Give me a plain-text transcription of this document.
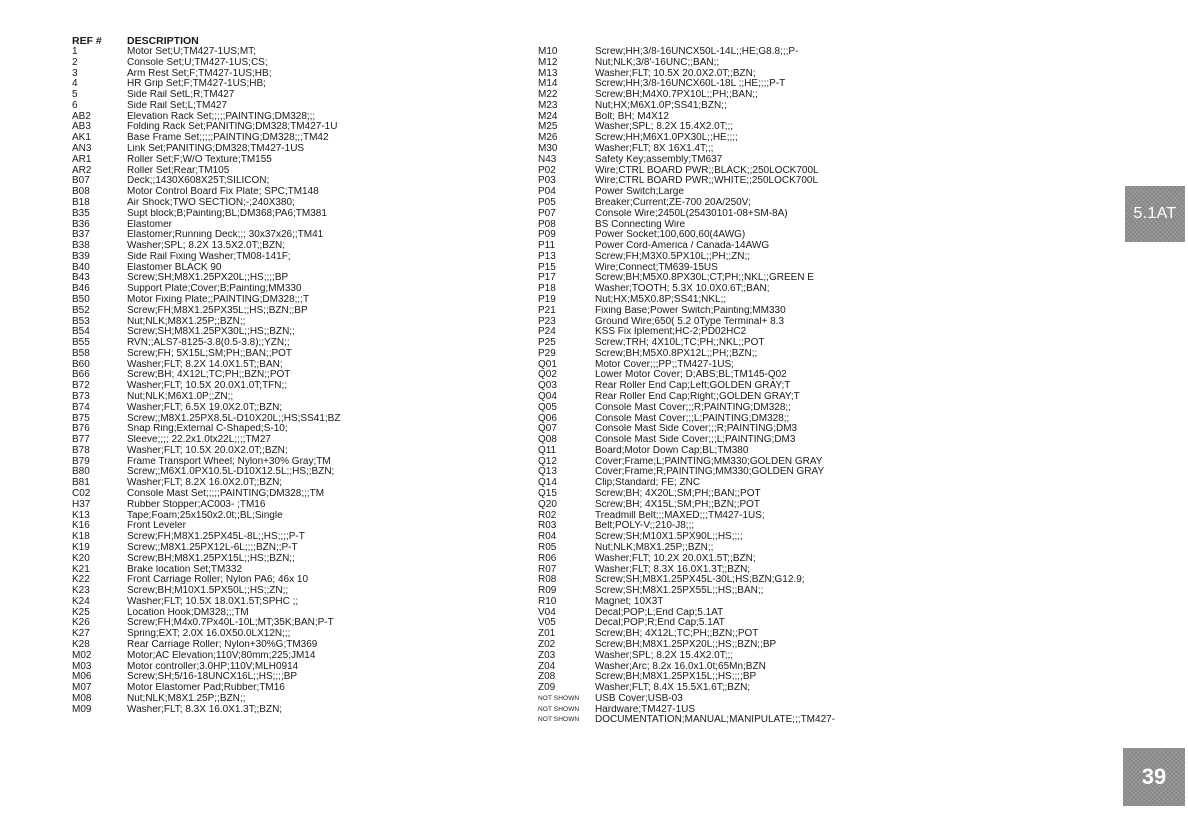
REF #	DESCRIPTION
1	Motor Set;U;TM427-1US;MT;
2	Console Set;U;TM427-1US;CS;
3	Arm Rest Set;F;TM427-1US;HB;
4	HR Grip Set;F;TM427-1US;HB;
5	Side Rail SetL;R;TM427
6	Side Rail Set;L;TM427
AB2	Elevation Rack Set;;;;;PAINTING;DM328;;;
AB3	Folding Rack Set;PANITING;DM328;TM427-1U
AK1	Base Frame Set;;;;;PAINTING;DM328;;;TM42
AN3	Link Set;PANITING;DM328;TM427-1US
AR1	Roller Set;F;W/O Texture;TM155
AR2	Roller Set;Rear;TM105
B07	Deck;;1430X608X25T;SILICON;
B08	Motor Control Board Fix Plate; SPC;TM148
B18	Air Shock;TWO SECTION;-;240X380;
B35	Supt block;B;Painting;BL;DM368;PA6;TM381
B36	Elastomer
B37	Elastomer;Running Deck;;; 30x37x26;;TM41
B38	Washer;SPL; 8.2X 13.5X2.0T;;BZN;
B39	Side Rail Fixing Washer;TM08-141F;
B40	Elastomer BLACK 90
B43	Screw;SH;M8X1.25PX20L;;HS;;;;BP
B46	Support Plate;Cover;B;Painting;MM330
B50	Motor Fixing Plate;;PAINTING;DM328;;;T
B52	Screw;FH;M8X1.25PX35L;;HS;;BZN;;BP
B53	Nut;NLK;M8X1.25P;;BZN;;
B54	Screw;SH;M8X1.25PX30L;;HS;;BZN;;
B55	RVN;;ALS7-8125-3.8(0.5-3.8);;YZN;;
B58	Screw;FH; 5X15L;SM;PH;;BAN;;POT
B60	Washer;FLT; 8.2X 14.0X1.5T;;BAN;
B66	Screw;BH; 4X12L;TC;PH;;BZN;;POT
B72	Washer;FLT; 10.5X 20.0X1.0T;TFN;;
B73	Nut;NLK;M6X1.0P;;ZN;;
B74	Washer;FLT; 6.5X 19.0X2.0T;;BZN;
B75	Screw;;M8X1.25PX8.5L-D10X20L;;HS;SS41;BZ
B76	Snap Ring;External C-Shaped;S-10;
B77	Sleeve;;;; 22.2x1.0tx22L;;;;TM27
B78	Washer;FLT; 10.5X 20.0X2.0T;;BZN;
B79	Frame Transport Wheel; Nylon+30% Gray;TM
B80	Screw;;M6X1.0PX10.5L-D10X12.5L;;HS;;BZN;
B81	Washer;FLT; 8.2X 16.0X2.0T;;BZN;
C02	Console Mast Set;;;;;PAINTING;DM328;;;TM
H37	Rubber Stopper;AC003- ;TM16
K13	Tape;Foam;25x150x2.0t;;BL;Single
K16	Front Leveler
K18	Screw;FH;M8X1.25PX45L-8L;;HS;;;;P-T
K19	Screw;;M8X1.25PX12L-6L;;;;BZN;;P-T
K20	Screw;BH;M8X1.25PX15L;;HS;;BZN;;
K21	Brake location Set;TM332
K22	Front Carriage Roller; Nylon PA6; 46x 10
K23	Screw;BH;M10X1.5PX50L;;HS;;ZN;;
K24	Washer;FLT; 10.5X 18.0X1.5T;SPHC ;;
K25	Location Hook;DM328;;;TM
K26	Screw;FH;M4x0.7Px40L-10L;MT;35K;BAN;P-T
K27	Spring;EXT; 2.0X 16.0X50.0LX12N;;;
K28	Rear Carriage Roller; Nylon+30%G;TM369
M02	Motor;AC Elevation;110V;80mm;225;JM14
M03	Motor controller;3.0HP;110V;MLH0914
M06	Screw;SH;5/16-18UNCX16L;;HS;;;;BP
M07	Motor Elastomer Pad;Rubber;TM16
M08	Nut;NLK;M8X1.25P;;BZN;;
M09	Washer;FLT; 8.3X 16.0X1.3T;;BZN;
M10	Screw;HH;3/8-16UNCX50L-14L;;HE;G8.8;;;P-
M12	Nut;NLK;3/8'-16UNC;;BAN;;
M13	Washer;FLT; 10.5X 20.0X2.0T;;BZN;
M14	Screw;HH;3/8-16UNCX60L-18L ;;HE;;;;P-T
M22	Screw;BH;M4X0.7PX10L;;PH;;BAN;;
M23	Nut;HX;M6X1.0P;SS41;BZN;;
M24	Bolt; BH; M4X12
M25	Washer;SPL; 8.2X 15.4X2.0T;;;
M26	Screw;HH;M6X1.0PX30L;;HE;;;;
M30	Washer;FLT; 8X 16X1.4T;;;
N43	Safety Key;assembly;TM637
P02	Wire;CTRL BOARD PWR;;BLACK;;250LOCK700L
P03	Wire;CTRL BOARD PWR;;WHITE;;250LOCK700L
P04	Power Switch;Large
P05	Breaker;Current;ZE-700 20A/250V;
P07	Console Wire;2450L(25430101-08+SM-8A)
P08	BS Connecting Wire
P09	Power Socket;100,600,60(4AWG)
P11	Power Cord-America / Canada-14AWG
P13	Screw;FH;M3X0.5PX10L;;PH;;ZN;;
P15	Wire;Connect;TM639-15US
P17	Screw;BH;M5X0.8PX30L;CT;PH;;NKL;;GREEN E
P18	Washer;TOOTH; 5.3X 10.0X0.6T;;BAN;
P19	Nut;HX;M5X0.8P;SS41;NKL;;
P21	Fixing Base;Power Switch;Painting;MM330
P23	Ground Wire;650( 5.2 0Type Terminal+ 8.3
P24	KSS Fix Iplement;HC-2;PD02HC2
P25	Screw;TRH; 4X10L;TC;PH;;NKL;;POT
P29	Screw;BH;M5X0.8PX12L;;PH;;BZN;;
Q01	Motor Cover;;;PP;;TM427-1US;
Q02	Lower Motor Cover; D;ABS;BL;TM145-Q02
Q03	Rear Roller End Cap;Left;GOLDEN GRAY;T
Q04	Rear Roller End Cap;Right;;GOLDEN GRAY;T
Q05	Console Mast Cover;;;R;PAINTING;DM328;;
Q06	Console Mast Cover;;;L;PAINTING;DM328;;
Q07	Console Mast Side Cover;;;R;PAINTING;DM3
Q08	Console Mast Side Cover;;;L;PAINTING;DM3
Q11	Board;Motor Down Cap;BL;TM380
Q12	Cover;Frame;L;PAINTING;MM330;GOLDEN GRAY
Q13	Cover;Frame;R;PAINTING;MM330;GOLDEN GRAY
Q14	Clip;Standard; FE; ZNC
Q15	Screw;BH; 4X20L;SM;PH;;BAN;;POT
Q20	Screw;BH; 4X15L;SM;PH;;BZN;;POT
R02	Treadmill Belt;;;MAXED;;;TM427-1US;
R03	Belt;POLY-V;;210-J8;;;
R04	Screw;SH;M10X1.5PX90L;;HS;;;;
R05	Nut;NLK;M8X1.25P;;BZN;;
R06	Washer;FLT; 10.2X 20.0X1.5T;;BZN;
R07	Washer;FLT; 8.3X 16.0X1.3T;;BZN;
R08	Screw;SH;M8X1.25PX45L-30L;HS;BZN;G12.9;
R09	Screw;SH;M8X1.25PX55L;;HS;;BAN;;
R10	Magnet; 10X3T
V04	Decal;POP;L;End Cap;5.1AT
V05	Decal;POP;R;End Cap;5.1AT
Z01	Screw;BH; 4X12L;TC;PH;;BZN;;POT
Z02	Screw;BH;M8X1.25PX20L;;HS;;BZN;;BP
Z03	Washer;SPL; 8.2X 15.4X2.0T;;;
Z04	Washer;Arc; 8.2x 16.0x1.0t;65Mn;BZN
Z08	Screw;BH;M8X1.25PX15L;;HS;;;;BP
Z09	Washer;FLT; 8.4X 15.5X1.6T;;BZN;
NOT SHOWN	USB Cover;USB-03
NOT SHOWN	Hardware;TM427-1US
NOT SHOWN	DOCUMENTATION;MANUAL;MANIPULATE;;;TM427-
5.1AT
39
